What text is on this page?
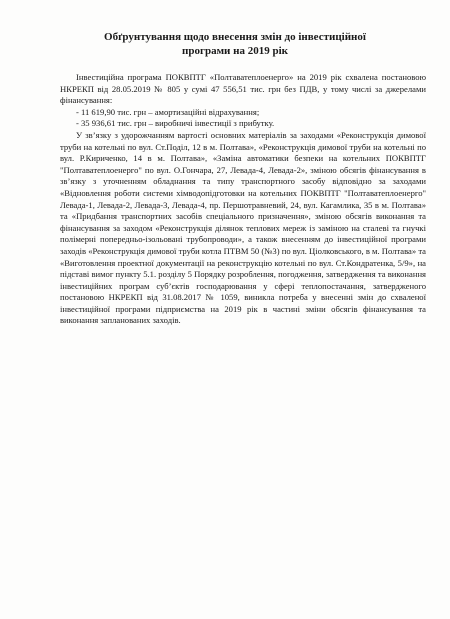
Обґрунтування щодо внесення змін до інвестиційної
програми на 2019 рік

Інвестиційна програма ПОКВПТГ «Полтаватеплоенерго» на 2019 рік схвалена постановою НКРЕКП від 28.05.2019 № 805 у сумі 47 556,51 тис. грн без ПДВ, у тому числі за джерелами фінансування:

- 11 619,90 тис. грн – амортизаційні відрахування;

- 35 936,61 тис. грн – виробничі інвестиції з прибутку.

У зв’язку з удорожчанням вартості основних матеріалів за заходами «Реконструкція димової труби на котельні по вул. Ст.Поділ, 12 в м. Полтава», «Реконструкція димової труби на котельні по вул. Р.Кириченко, 14 в м. Полтава», «Заміна автоматики безпеки на котельних ПОКВПТГ "Полтаватеплоенерго" по вул. О.Гончара, 27, Левада-4, Левада-2», зміною обсягів фінансування в зв’язку з уточненням обладнання та типу транспортного засобу відповідно за заходами «Відновлення роботи системи хімводопідготовки на котельних ПОКВПТГ "Полтаватеплоенерго" Левада-1, Левада-2, Левада-3, Левада-4, пр. Першотравневий, 24, вул. Кагамлика, 35 в м. Полтава» та «Придбання транспортних засобів спеціального призначення», зміною обсягів виконання та фінансування за заходом «Реконструкція ділянок теплових мереж із заміною на сталеві та гнучкі полімерні попередньо-ізольовані трубопроводи», а також внесенням до інвестиційної програми заходів «Реконструкція димової труби котла ПТВМ 50 (№3) по вул. Ціолковського, в м. Полтава» та «Виготовлення проектної документації на реконструкцію котельні по вул. Ст.Кондратенка, 5/9», на підставі вимог пункту 5.1. розділу 5 Порядку розроблення, погодження, затвердження та виконання інвестиційних програм суб’єктів господарювання у сфері теплопостачання, затвердженого постановою НКРЕКП від 31.08.2017 № 1059, виникла потреба у внесенні змін до схваленої інвестиційної програми підприємства на 2019 рік в частині зміни обсягів фінансування та виконання запланованих заходів.
